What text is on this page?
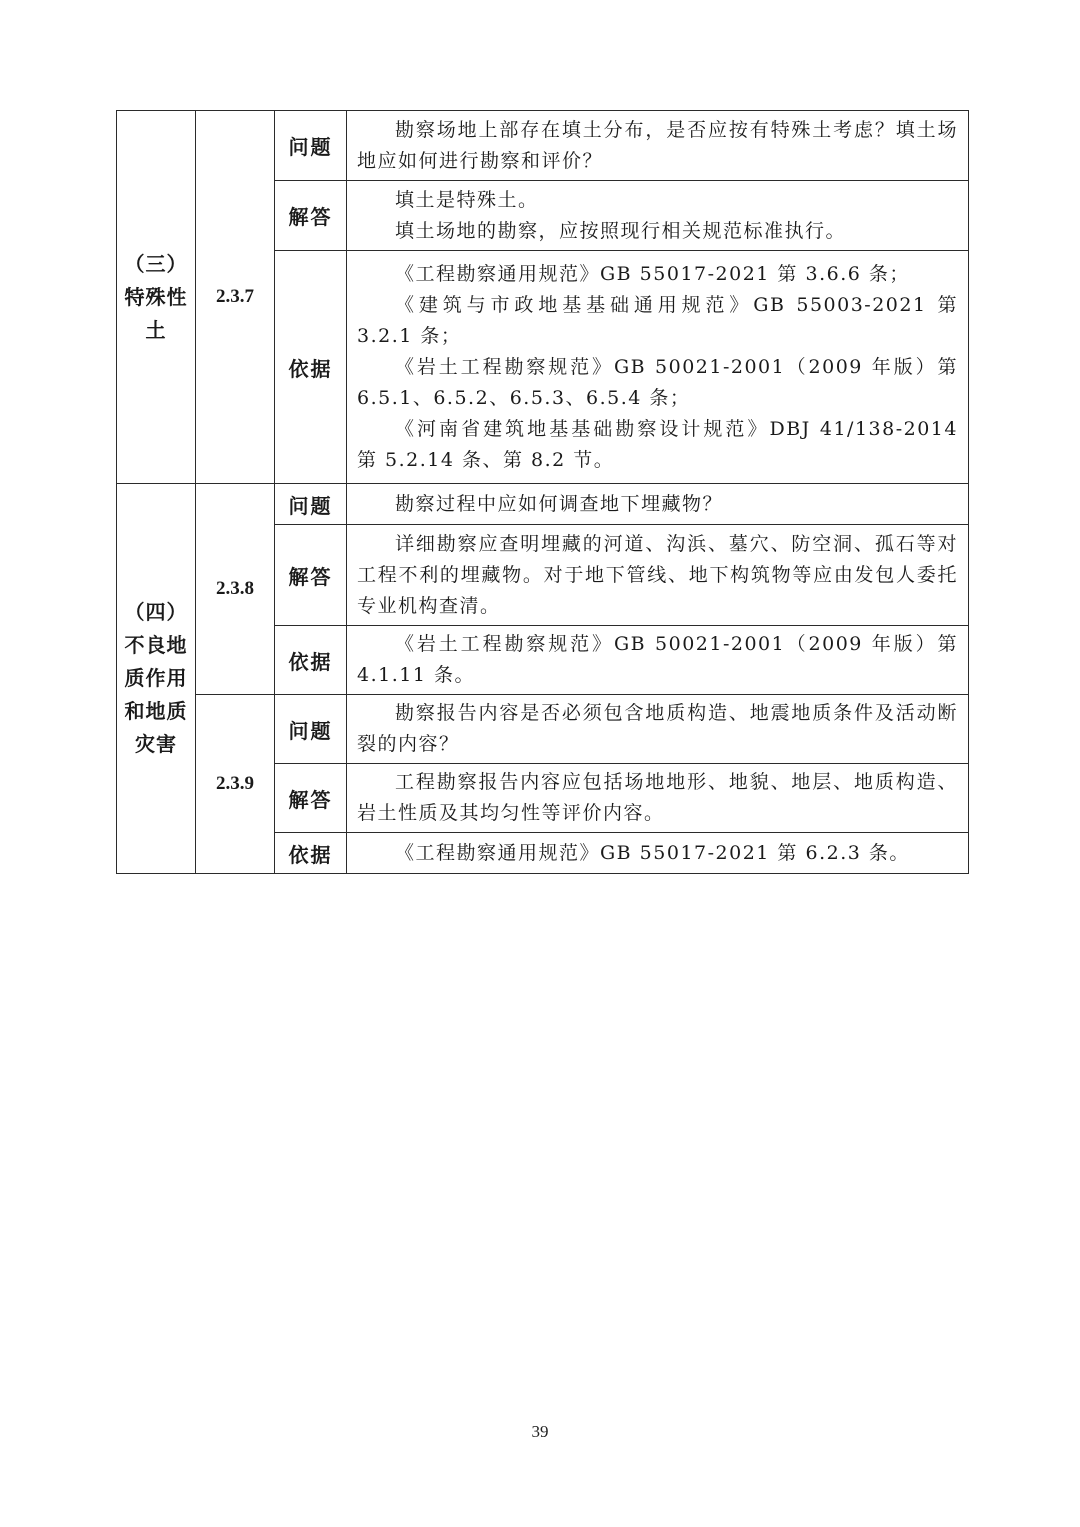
（三）
特殊性
土	2.3.7	问题	勘察场地上部存在填土分布，是否应按有特殊土考虑？填土场地应如何进行勘察和评价？

		解答	填土是特殊土。

填土场地的勘察，应按照现行相关规范标准执行。

		依据	《工程勘察通用规范》GB 55017-2021 第 3.6.6 条；

《建筑与市政地基基础通用规范》GB 55003-2021 第 3.2.1 条；

《岩土工程勘察规范》GB 50021-2001（2009 年版）第 6.5.1、6.5.2、6.5.3、6.5.4 条；

《河南省建筑地基基础勘察设计规范》DBJ 41/138-2014 第 5.2.14 条、第 8.2 节。

（四）
不良地
质作用
和地质
灾害	2.3.8	问题	勘察过程中应如何调查地下埋藏物？

		解答	详细勘察应查明埋藏的河道、沟浜、墓穴、防空洞、孤石等对工程不利的埋藏物。对于地下管线、地下构筑物等应由发包人委托专业机构查清。

		依据	《岩土工程勘察规范》GB 50021-2001（2009 年版）第 4.1.11 条。

	2.3.9	问题	勘察报告内容是否必须包含地质构造、地震地质条件及活动断裂的内容？

		解答	工程勘察报告内容应包括场地地形、地貌、地层、地质构造、岩土性质及其均匀性等评价内容。

		依据	《工程勘察通用规范》GB 55017-2021 第 6.2.3 条。

39
